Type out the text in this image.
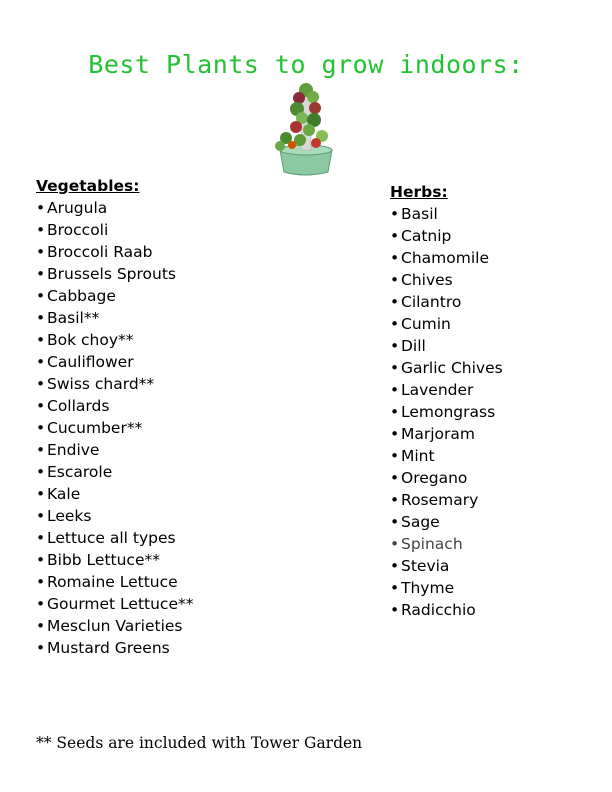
Best Plants to grow indoors:
Vegetables:
• Arugula
• Broccoli
• Broccoli Raab
• Brussels Sprouts
• Cabbage
• Basil**
• Bok choy**
• Cauliflower
• Swiss chard**
• Collards
• Cucumber**
• Endive
• Escarole
• Kale
• Leeks
• Lettuce all types
• Bibb Lettuce**
• Romaine Lettuce
• Gourmet Lettuce**
• Mesclun Varieties
• Mustard Greens
Herbs:
• Basil
• Catnip
• Chamomile
• Chives
• Cilantro
• Cumin
• Dill
• Garlic Chives
• Lavender
• Lemongrass
• Marjoram
• Mint
• Oregano
• Rosemary
• Sage
• Spinach
• Stevia
• Thyme
• Radicchio

** Seeds are included with Tower Garden
